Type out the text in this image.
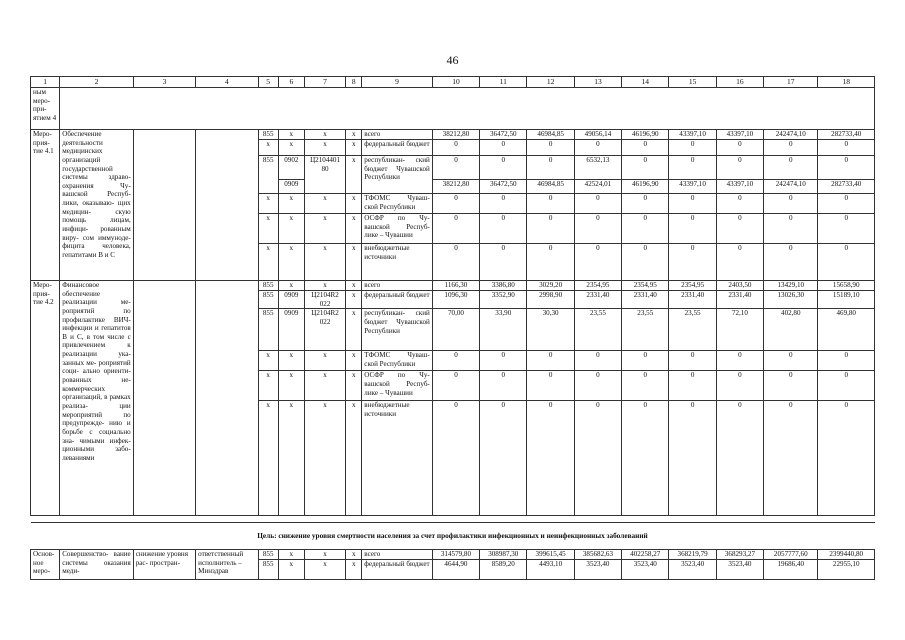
46
1	2	3	4	5	6	7	8	9	10	11	12	13	14	15	16	17	18
ным меро- при- ятием 4																	
Меро- прия- тие 4.1	Обеспечение деятельности медицинских организаций государственной системы здраво- охранения Чу- вашской Респуб- лики, оказываю- щих медицин- скую помощь лицам, инфици- рованным виру- сом иммуноде- фицита человека, гепатитами B и C			855	x	x	x	всего	38212,80	36472,50	46984,85	49056,14	46196,90	43397,10	43397,10	242474,10	282733,40
				x	x	x	x	федеральный бюджет	0	0	0	0	0	0	0	0	0
				855	0902	Ц2104401 80	x	республикан- ский бюджет Чувашской Республики	0	0	0	6532,13	0	0	0	0	0
					0909				38212,80	36472,50	46984,85	42524,01	46196,90	43397,10	43397,10	242474,10	282733,40
				x	x	x	x	ТФОМС Чуваш- ской Республики	0	0	0	0	0	0	0	0	0
				x	x	x	x	ОСФР по Чу- вашской Респуб- лике – Чувашии	0	0	0	0	0	0	0	0	0
				x	x	x	x	внебюджетные источники	0	0	0	0	0	0	0	0	0
Меро- прия- тие 4.2	Финансовое обеспечение реализации ме- роприятий по профилактике ВИЧ-инфекции и гепатитов B и C, в том числе с привлечением к реализации ука- занных ме- роприятий соци- ально ориенти- рованных не- коммерческих организаций, в рамках реализа- ции мероприятий по предупрежде- нию и борьбе с социально зна- чимыми инфек- ционными забо- леваниями			855	x	x	x	всего	1166,30	3386,80	3029,20	2354,95	2354,95	2354,95	2403,50	13429,10	15658,90
				855	0909	Ц2104R2 022	x	федеральный бюджет	1096,30	3352,90	2998,90	2331,40	2331,40	2331,40	2331,40	13026,30	15189,10
				855	0909	Ц2104R2 022	x	республикан- ский бюджет Чувашской Республики	70,00	33,90	30,30	23,55	23,55	23,55	72,10	402,80	469,80
				x	x	x	x	ТФОМС Чуваш- ской Республики	0	0	0	0	0	0	0	0	0
				x	x	x	x	ОСФР по Чу- вашской Респуб- лике – Чувашии	0	0	0	0	0	0	0	0	0
				x	x	x	x	внебюджетные источники	0	0	0	0	0	0	0	0	0

Цель: снижение уровня смертности населения за счет профилактики инфекционных и неинфекционных заболеваний																	
Основ- ное меро-	Совершенство- вание системы оказания меди-	снижение уровня рас- простран-	ответственный исполнитель – Минздрав	855	x	x	x	всего	314579,80	308987,30	399615,45	385682,63	402258,27	368219,79	368293,27	2057777,60	2399440,80
				855	x	x	x	федеральный бюджет	4644,90	8589,20	4493,10	3523,40	3523,40	3523,40	3523,40	19686,40	22955,10
